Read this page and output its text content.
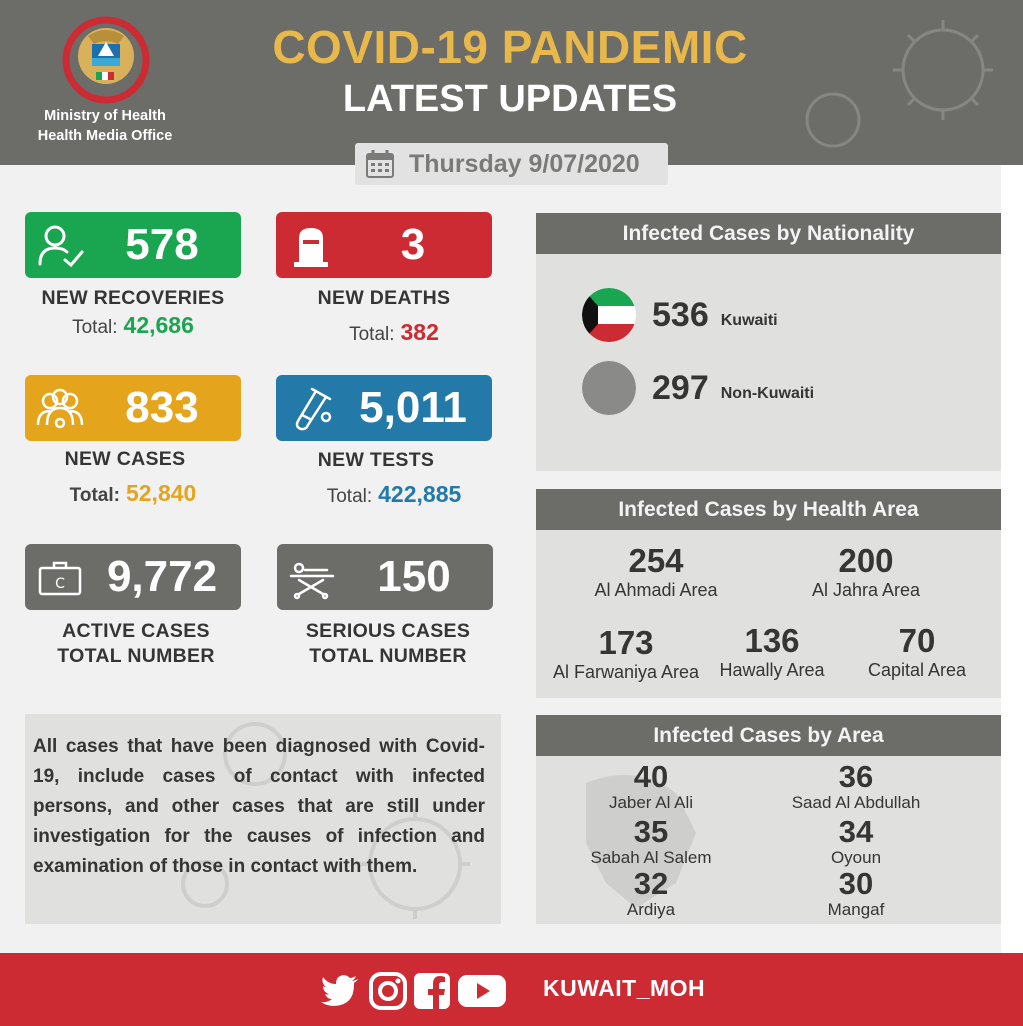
Ministry of Health
Health Media Office
COVID-19 PANDEMIC
LATEST UPDATES
Thursday 9/07/2020
578
NEW RECOVERIES
Total: 42,686
3
NEW DEATHS
Total: 382
833
NEW CASES
Total: 52,840
5,011
NEW TESTS
Total: 422,885
C 9,772
ACTIVE CASES
TOTAL NUMBER
150
SERIOUS CASES
TOTAL NUMBER

All cases that have been diagnosed with Covid-19, include cases of contact with infected persons, and other cases that are still under investigation for the causes of infection and examination of those in contact with them.

Infected Cases by Nationality
536 Kuwaiti
297 Non-Kuwaiti
Infected Cases by Health Area
254
Al Ahmadi Area
200
Al Jahra Area
173
Al Farwaniya Area
136
Hawally Area
70
Capital Area
Infected Cases by Area
40
Jaber Al Ali
36
Saad Al Abdullah
35
Sabah Al Salem
34
Oyoun
32
Ardiya
30
Mangaf
KUWAIT_MOH
